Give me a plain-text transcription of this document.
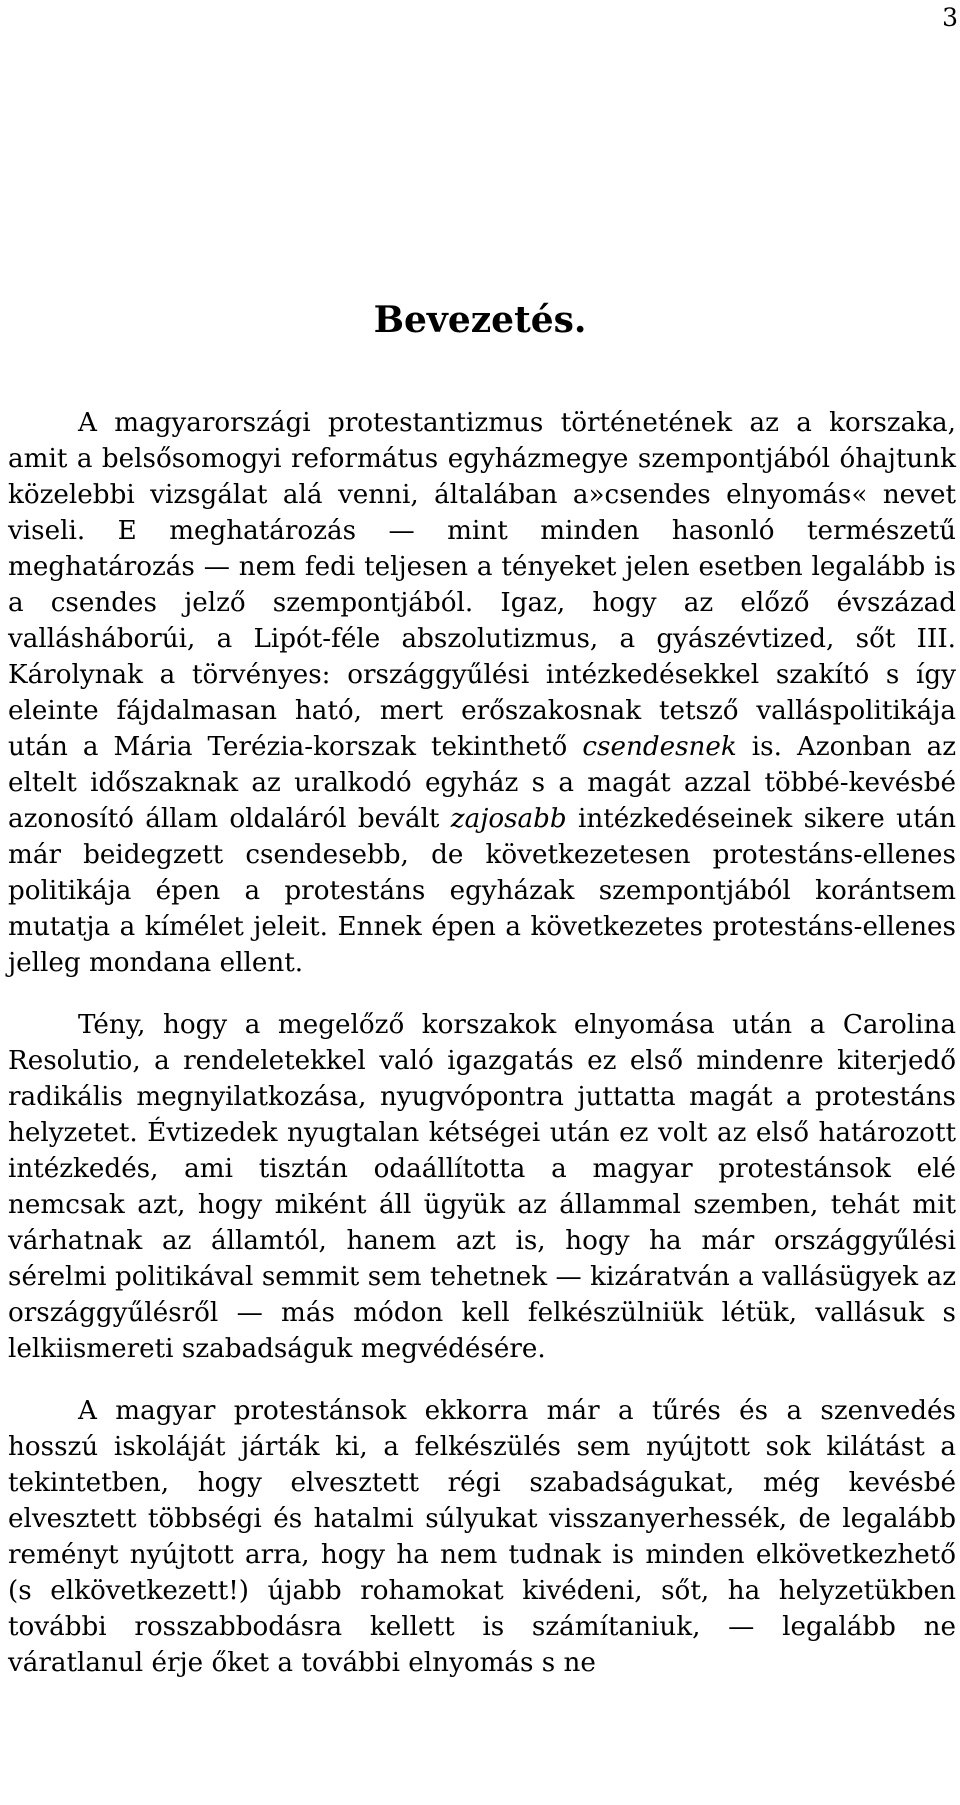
3
Bevezetés.

A magyarországi protestantizmus történetének az a korszaka, amit a belsősomogyi református egyházmegye szempontjából óhajtunk közelebbi vizsgálat alá venni, általában a»csendes elnyomás« nevet viseli. E meghatározás — mint minden hasonló természetű meghatározás — nem fedi teljesen a tényeket jelen esetben legalább is a csendes jelző szempontjából. Igaz, hogy az előző évszázad vallásháborúi, a Lipót-féle abszolutizmus, a gyászévtized, sőt III. Károlynak a törvényes: országgyűlési intézkedésekkel szakító s így eleinte fájdalmasan ható, mert erőszakosnak tetsző valláspolitikája után a Mária Terézia-korszak tekinthető csendesnek is. Azonban az eltelt időszaknak az uralkodó egyház s a magát azzal többé-kevésbé azonosító állam oldaláról bevált zajosabb intézkedéseinek sikere után már beidegzett csendesebb, de következetesen protestáns-ellenes politikája épen a protestáns egyházak szempontjából korántsem mutatja a kímélet jeleit. Ennek épen a következetes protestáns-ellenes jelleg mondana ellent.

Tény, hogy a megelőző korszakok elnyomása után a Carolina Resolutio, a rendeletekkel való igazgatás ez első mindenre kiterjedő radikális megnyilatkozása, nyugvópontra juttatta magát a protestáns helyzetet. Évtizedek nyugtalan kétségei után ez volt az első határozott intézkedés, ami tisztán odaállította a magyar protestánsok elé nemcsak azt, hogy miként áll ügyük az állammal szemben, tehát mit várhatnak az államtól, hanem azt is, hogy ha már országgyűlési sérelmi politikával semmit sem tehetnek — kizáratván a vallásügyek az országgyűlésről — más módon kell felkészülniük létük, vallásuk s lelkiismereti szabadságuk megvédésére.

A magyar protestánsok ekkorra már a tűrés és a szenvedés hosszú iskoláját járták ki, a felkészülés sem nyújtott sok kilátást a tekintetben, hogy elvesztett régi szabadságukat, még kevésbé elvesztett többségi és hatalmi súlyukat visszanyerhessék, de legalább reményt nyújtott arra, hogy ha nem tudnak is minden elkövetkezhető (s elkövetkezett!) újabb rohamokat kivédeni, sőt, ha helyzetükben további rosszabbodásra kellett is számítaniuk, — legalább ne váratlanul érje őket a további elnyomás s ne
